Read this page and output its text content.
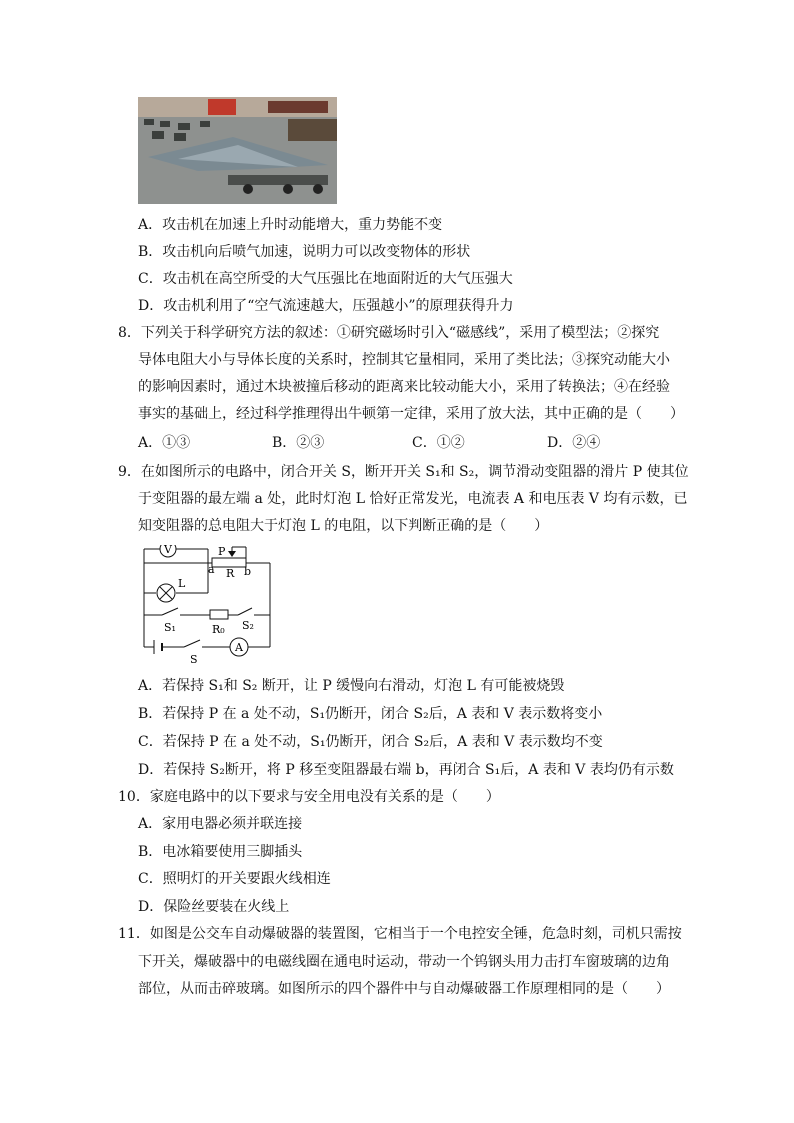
A．攻击机在加速上升时动能增大，重力势能不变
B．攻击机向后喷气加速，说明力可以改变物体的形状
C．攻击机在高空所受的大气压强比在地面附近的大气压强大
D．攻击机利用了“空气流速越大，压强越小”的原理获得升力
8．下列关于科学研究方法的叙述：①研究磁场时引入“磁感线”，采用了模型法；②探究
导体电阻大小与导体长度的关系时，控制其它量相同，采用了类比法；③探究动能大小
的影响因素时，通过木块被撞后移动的距离来比较动能大小，采用了转换法；④在经验
事实的基础上，经过科学推理得出牛顿第一定律，采用了放大法，其中正确的是（　　）
A．①③	B．②③	C．①②	D．②④
9．在如图所示的电路中，闭合开关 S，断开开关 S₁和 S₂，调节滑动变阻器的滑片 P 使其位
于变阻器的最左端 a 处，此时灯泡 L 恰好正常发光，电流表 A 和电压表 V 均有示数，已
知变阻器的总电阻大于灯泡 L 的电阻，以下判断正确的是（　　）
V
L
P
a R b
S₁	R₀ S₂
S
A
A．若保持 S₁和 S₂ 断开，让 P 缓慢向右滑动，灯泡 L 有可能被烧毁
B．若保持 P 在 a 处不动，S₁仍断开，闭合 S₂后，A 表和 V 表示数将变小
C．若保持 P 在 a 处不动，S₁仍断开，闭合 S₂后，A 表和 V 表示数均不变
D．若保持 S₂断开，将 P 移至变阻器最右端 b，再闭合 S₁后，A 表和 V 表均仍有示数
10．家庭电路中的以下要求与安全用电没有关系的是（　　）
A．家用电器必须并联连接
B．电冰箱要使用三脚插头
C．照明灯的开关要跟火线相连
D．保险丝要装在火线上
11．如图是公交车自动爆破器的装置图，它相当于一个电控安全锤，危急时刻，司机只需按
下开关，爆破器中的电磁线圈在通电时运动，带动一个钨钢头用力击打车窗玻璃的边角
部位，从而击碎玻璃。如图所示的四个器件中与自动爆破器工作原理相同的是（　　）
